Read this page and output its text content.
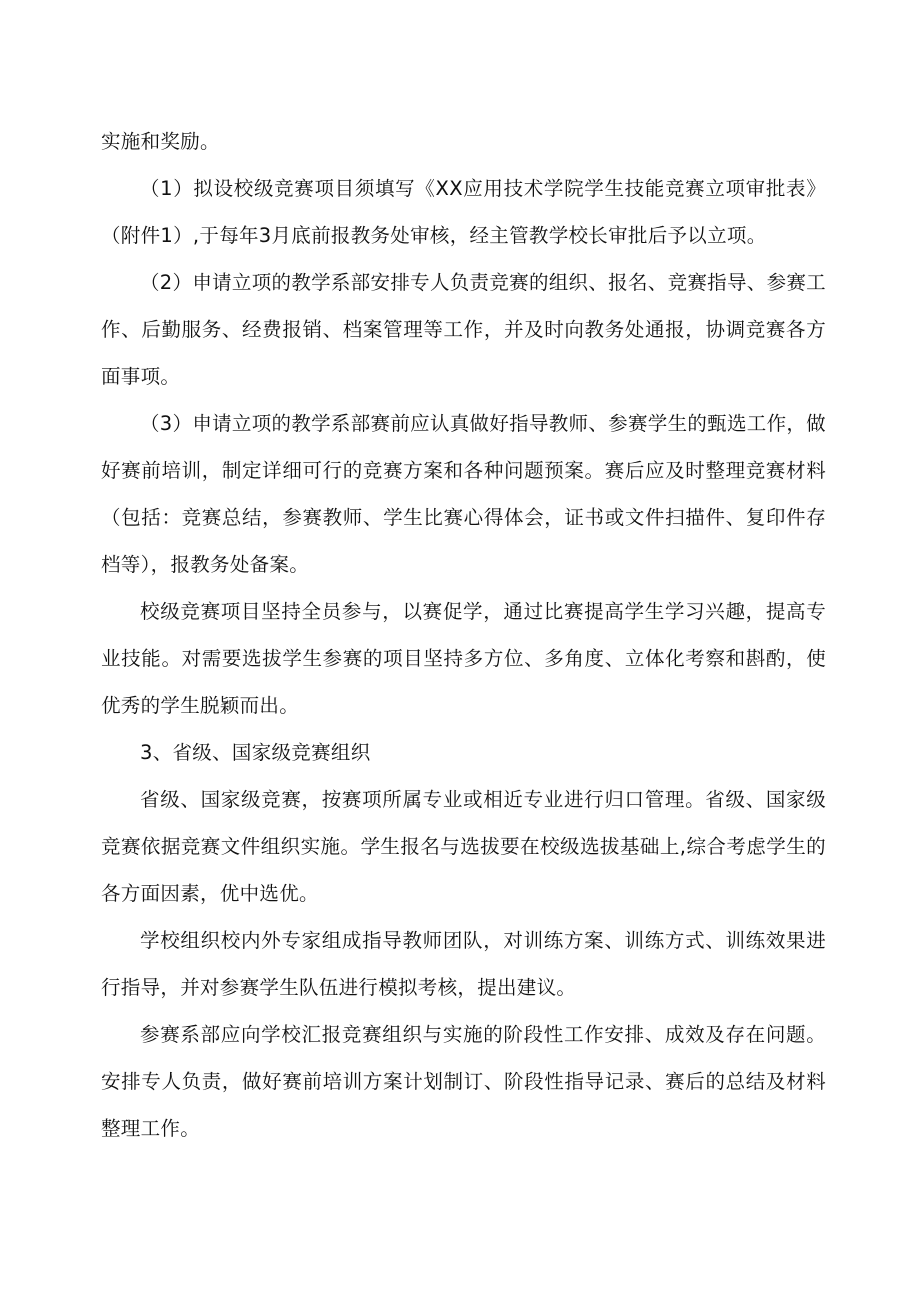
实施和奖励。

（1）拟设校级竞赛项目须填写《XX应用技术学院学生技能竞赛立项审批表》（附件1）,于每年3月底前报教务处审核，经主管教学校长审批后予以立项。

（2）申请立项的教学系部安排专人负责竞赛的组织、报名、竞赛指导、参赛工作、后勤服务、经费报销、档案管理等工作，并及时向教务处通报，协调竞赛各方面事项。

（3）申请立项的教学系部赛前应认真做好指导教师、参赛学生的甄选工作，做好赛前培训，制定详细可行的竞赛方案和各种问题预案。赛后应及时整理竞赛材料（包括：竞赛总结，参赛教师、学生比赛心得体会，证书或文件扫描件、复印件存档等），报教务处备案。

校级竞赛项目坚持全员参与，以赛促学，通过比赛提高学生学习兴趣，提高专业技能。对需要选拔学生参赛的项目坚持多方位、多角度、立体化考察和斟酌，使优秀的学生脱颖而出。

3、省级、国家级竞赛组织

省级、国家级竞赛，按赛项所属专业或相近专业进行归口管理。省级、国家级竞赛依据竞赛文件组织实施。学生报名与选拔要在校级选拔基础上,综合考虑学生的各方面因素，优中选优。

学校组织校内外专家组成指导教师团队，对训练方案、训练方式、训练效果进行指导，并对参赛学生队伍进行模拟考核，提出建议。

参赛系部应向学校汇报竞赛组织与实施的阶段性工作安排、成效及存在问题。安排专人负责，做好赛前培训方案计划制订、阶段性指导记录、赛后的总结及材料整理工作。
